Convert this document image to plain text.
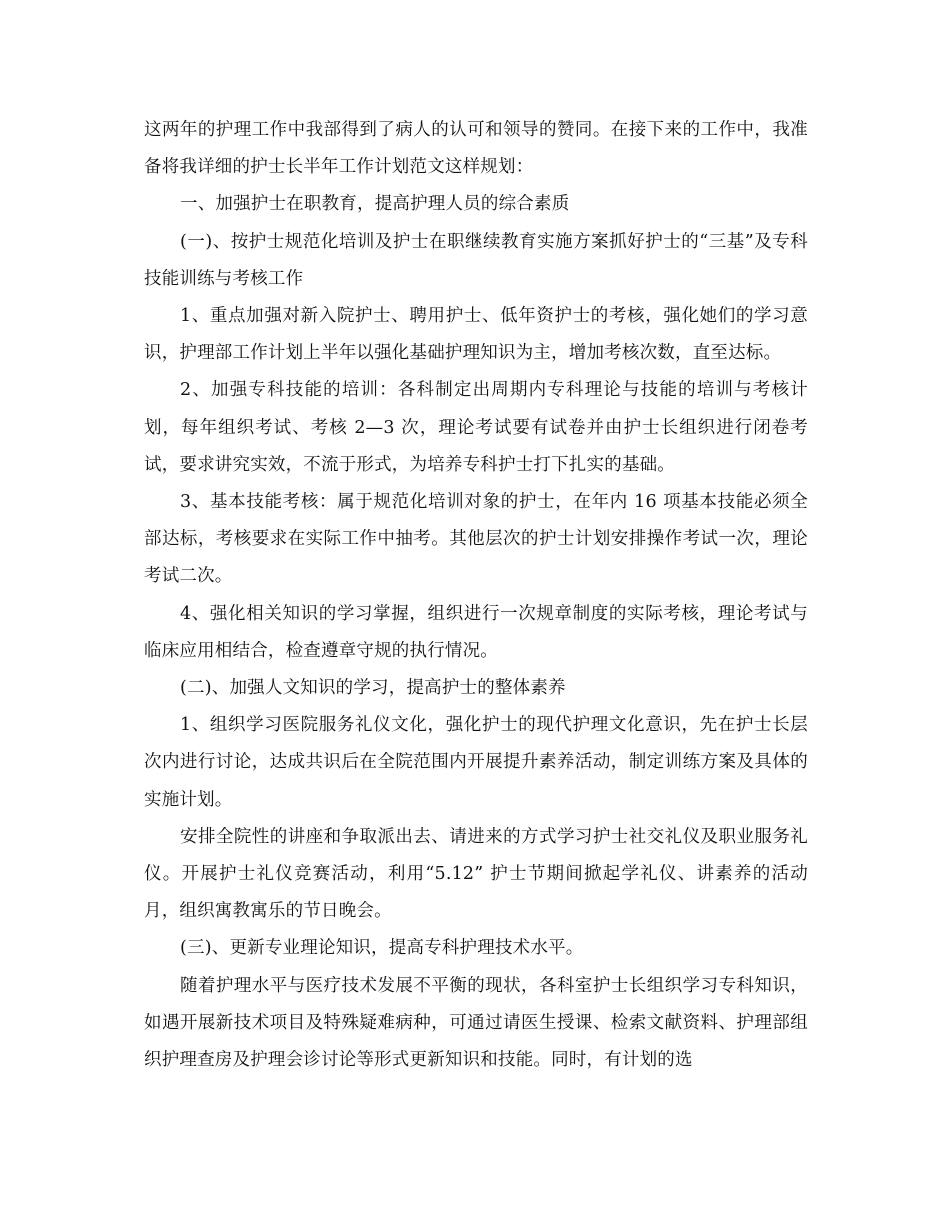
这两年的护理工作中我部得到了病人的认可和领导的赞同。在接下来的工作中，我准备将我详细的护士长半年工作计划范文这样规划：

一、加强护士在职教育，提高护理人员的综合素质

(一)、按护士规范化培训及护士在职继续教育实施方案抓好护士的“三基”及专科技能训练与考核工作

1、重点加强对新入院护士、聘用护士、低年资护士的考核，强化她们的学习意识，护理部工作计划上半年以强化基础护理知识为主，增加考核次数，直至达标。

2、加强专科技能的培训：各科制定出周期内专科理论与技能的培训与考核计划，每年组织考试、考核 2—3 次，理论考试要有试卷并由护士长组织进行闭卷考试，要求讲究实效，不流于形式，为培养专科护士打下扎实的基础。

3、基本技能考核：属于规范化培训对象的护士，在年内 16 项基本技能必须全部达标，考核要求在实际工作中抽考。其他层次的护士计划安排操作考试一次，理论考试二次。

4、强化相关知识的学习掌握，组织进行一次规章制度的实际考核，理论考试与临床应用相结合，检查遵章守规的执行情况。

(二)、加强人文知识的学习，提高护士的整体素养

1、组织学习医院服务礼仪文化，强化护士的现代护理文化意识，先在护士长层次内进行讨论，达成共识后在全院范围内开展提升素养活动，制定训练方案及具体的实施计划。

安排全院性的讲座和争取派出去、请进来的方式学习护士社交礼仪及职业服务礼仪。开展护士礼仪竞赛活动，利用“5.12” 护士节期间掀起学礼仪、讲素养的活动月，组织寓教寓乐的节日晚会。

(三)、更新专业理论知识，提高专科护理技术水平。

随着护理水平与医疗技术发展不平衡的现状，各科室护士长组织学习专科知识，如遇开展新技术项目及特殊疑难病种，可通过请医生授课、检索文献资料、护理部组织护理查房及护理会诊讨论等形式更新知识和技能。同时，有计划的选
